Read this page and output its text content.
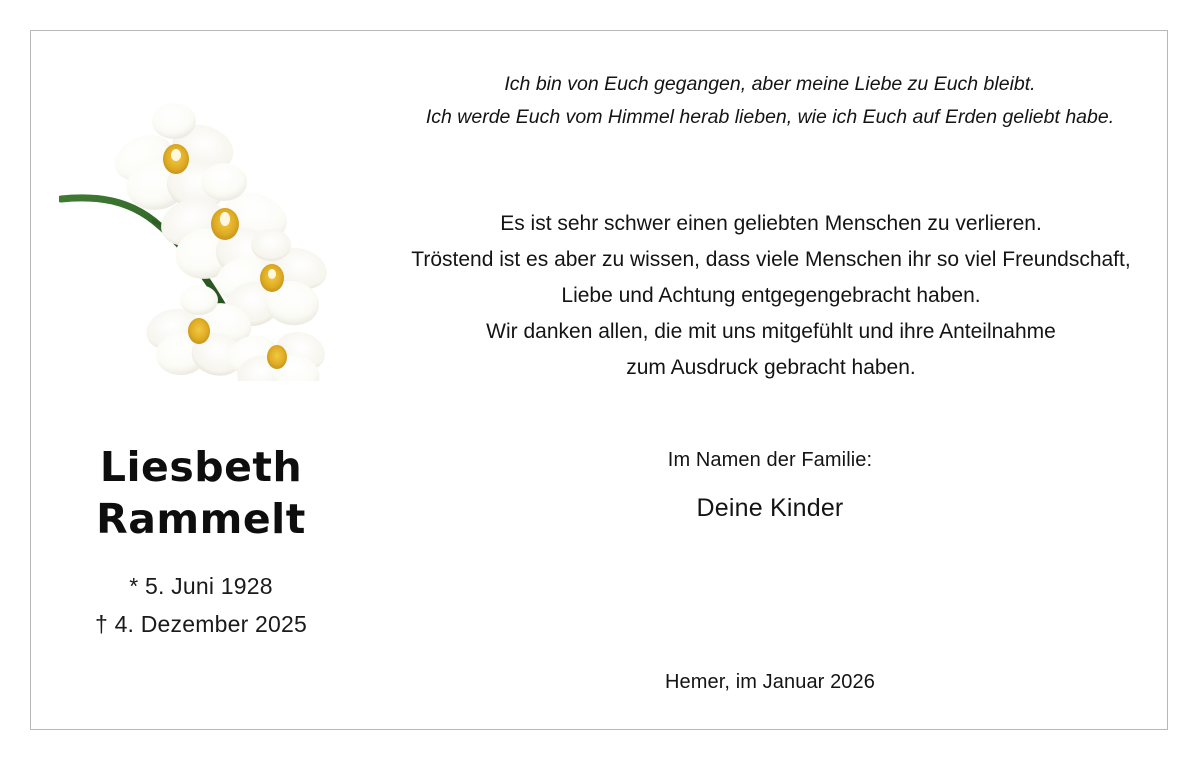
Liesbeth
Rammelt
* 5. Juni 1928
† 4. Dezember 2025
Ich bin von Euch gegangen, aber meine Liebe zu Euch bleibt.
Ich werde Euch vom Himmel herab lieben, wie ich Euch auf Erden geliebt habe.
Es ist sehr schwer einen geliebten Menschen zu verlieren.
Tröstend ist es aber zu wissen, dass viele Menschen ihr so viel Freundschaft,
Liebe und Achtung entgegengebracht haben.
Wir danken allen, die mit uns mitgefühlt und ihre Anteilnahme
zum Ausdruck gebracht haben.
Im Namen der Familie:
Deine Kinder
Hemer, im Januar 2026
